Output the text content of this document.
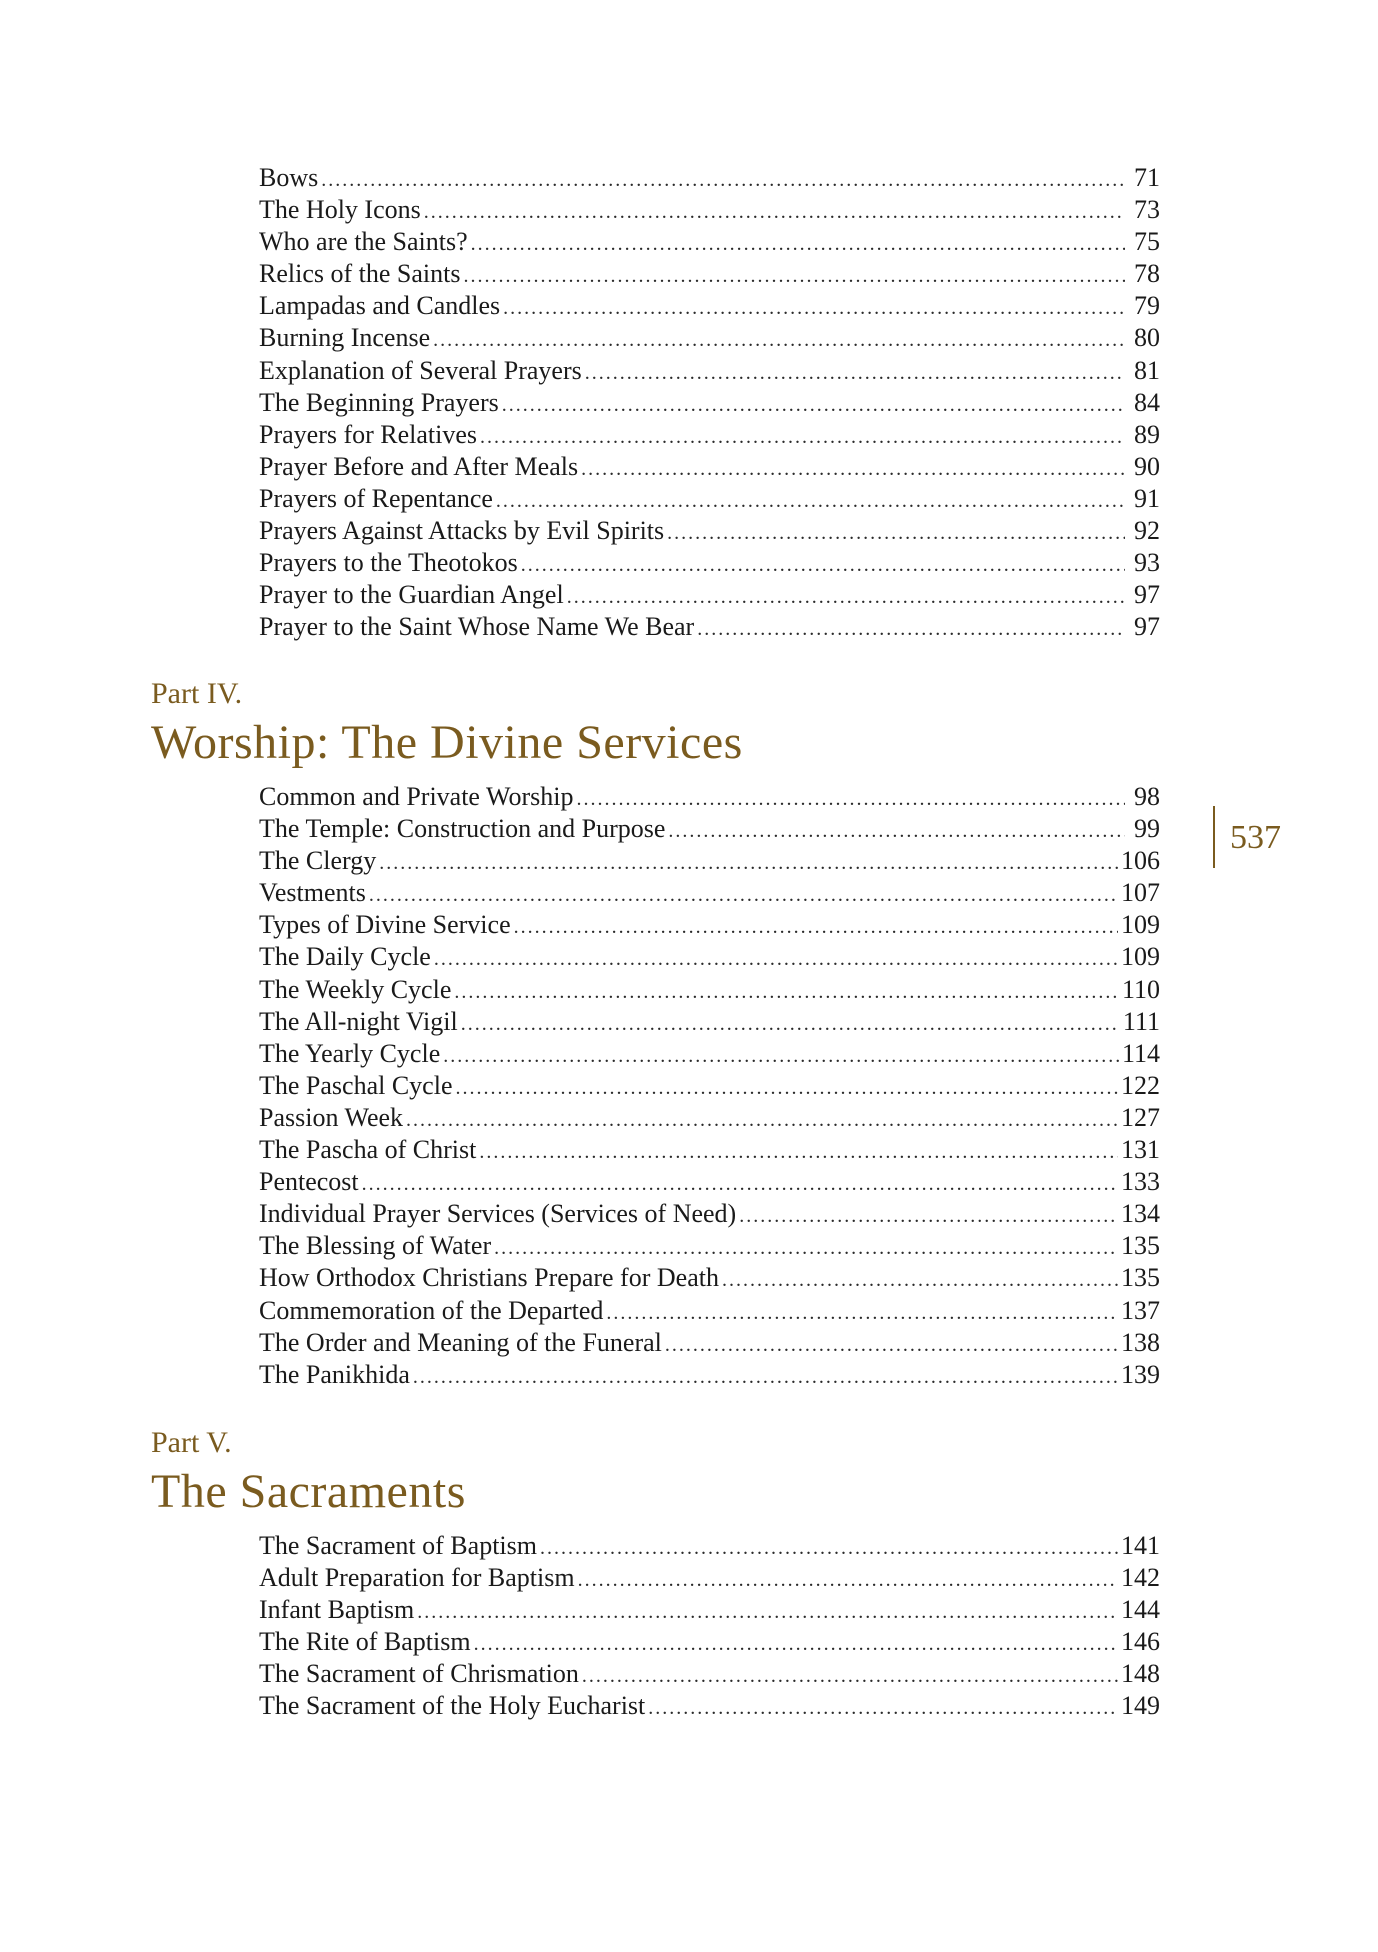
Bows .....	71
The Holy Icons .....	73
Who are the Saints? .....	75
Relics of the Saints .....	78
Lampadas and Candles .....	79
Burning Incense .....	80
Explanation of Several Prayers .....	81
The Beginning Prayers .....	84
Prayers for Relatives .....	89
Prayer Before and After Meals .....	90
Prayers of Repentance .....	91
Prayers Against Attacks by Evil Spirits .....	92
Prayers to the Theotokos .....	93
Prayer to the Guardian Angel .....	97
Prayer to the Saint Whose Name We Bear .....	97
Part IV.
Worship: The Divine Services
Common and Private Worship .....	98
The Temple: Construction and Purpose .....	99
The Clergy .....	106
Vestments .....	107
Types of Divine Service .....	109
The Daily Cycle .....	109
The Weekly Cycle .....	110
The All-night Vigil .....	111
The Yearly Cycle .....	114
The Paschal Cycle .....	122
Passion Week .....	127
The Pascha of Christ .....	131
Pentecost .....	133
Individual Prayer Services (Services of Need) .....	134
The Blessing of Water .....	135
How Orthodox Christians Prepare for Death .....	135
Commemoration of the Departed .....	137
The Order and Meaning of the Funeral .....	138
The Panikhida .....	139
Part V.
The Sacraments
The Sacrament of Baptism .....	141
Adult Preparation for Baptism .....	142
Infant Baptism .....	144
The Rite of Baptism .....	146
The Sacrament of Chrismation .....	148
The Sacrament of the Holy Eucharist .....	149
537
